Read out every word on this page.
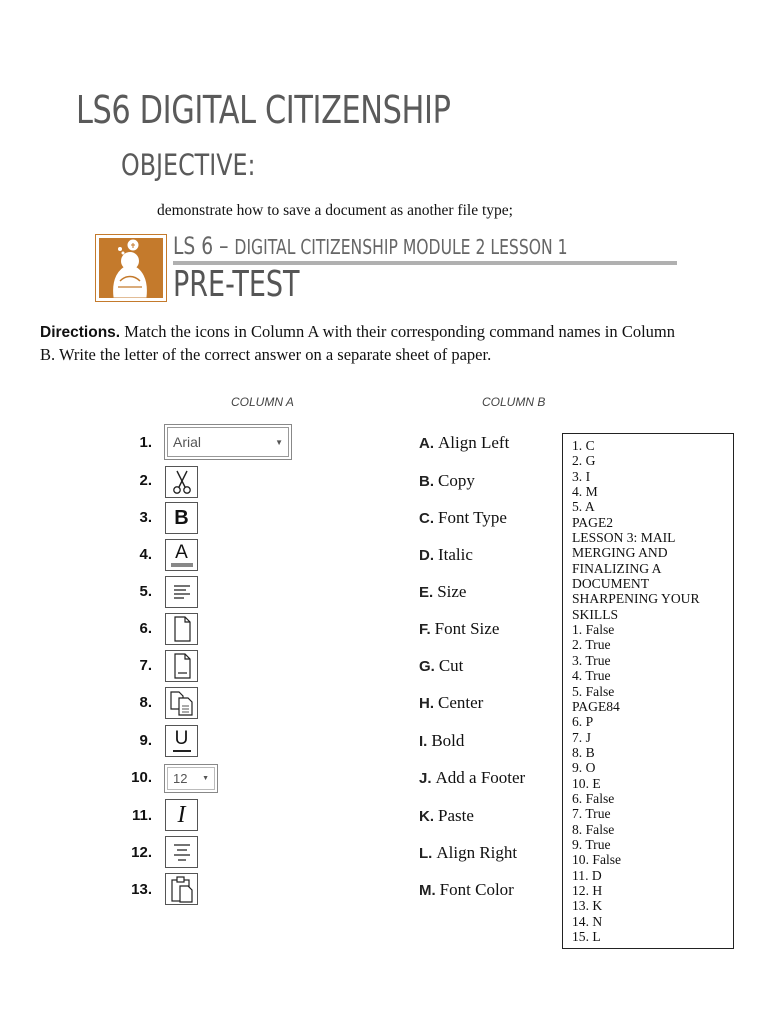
LS6 DIGITAL CITIZENSHIP
OBJECTIVE:
demonstrate how to save a document as another file type;
LS 6 – DIGITAL CITIZENSHIP MODULE 2 LESSON 1
PRE-TEST
Directions. Match the icons in Column A with their corresponding command names in Column B. Write the letter of the correct answer on a separate sheet of paper.
COLUMN A	COLUMN B
1.
2.
3.
4.
5.
6.
7.
8.
9.
10.
11.
12.
13.
Arial	▼
B
A
U
12 ▼
I
A. Align Left
B. Copy
C. Font Type
D. Italic
E. Size
F. Font Size
G. Cut
H. Center
I. Bold
J. Add a Footer
K. Paste
L. Align Right
M. Font Color
1. C
2. G
3. I
4. M
5. A
PAGE2
LESSON 3: MAIL MERGING AND FINALIZING A DOCUMENT SHARPENING YOUR SKILLS
1. False
2. True
3. True
4. True
5. False
PAGE84
6. P
7. J
8. B
9. O
10. E
6. False
7. True
8. False
9. True
10. False
11. D
12. H
13. K
14. N
15. L
